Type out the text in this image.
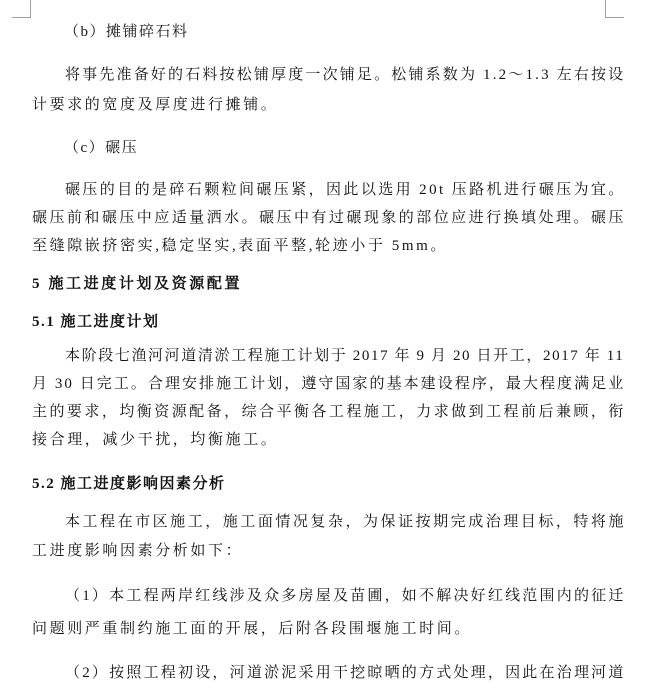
（b）摊铺碎石料
将事先准备好的石料按松铺厚度一次铺足。松铺系数为 1.2～1.3 左右按设
计要求的宽度及厚度进行摊铺。
（c）碾压
碾压的目的是碎石颗粒间碾压紧，因此以选用 20t 压路机进行碾压为宜。
碾压前和碾压中应适量洒水。碾压中有过碾现象的部位应进行换填处理。碾压
至缝隙嵌挤密实,稳定坚实,表面平整,轮迹小于 5mm。
5 施工进度计划及资源配置
5.1 施工进度计划
本阶段七渔河河道清淤工程施工计划于 2017 年 9 月 20 日开工，2017 年 11
月 30 日完工。合理安排施工计划，遵守国家的基本建设程序，最大程度满足业
主的要求，均衡资源配备，综合平衡各工程施工，力求做到工程前后兼顾，衔
接合理，减少干扰，均衡施工。
5.2 施工进度影响因素分析
本工程在市区施工，施工面情况复杂，为保证按期完成治理目标，特将施
工进度影响因素分析如下：
（1）本工程两岸红线涉及众多房屋及苗圃，如不解决好红线范围内的征迁
问题则严重制约施工面的开展，后附各段围堰施工时间。
（2）按照工程初设，河道淤泥采用干挖晾晒的方式处理，因此在治理河道
